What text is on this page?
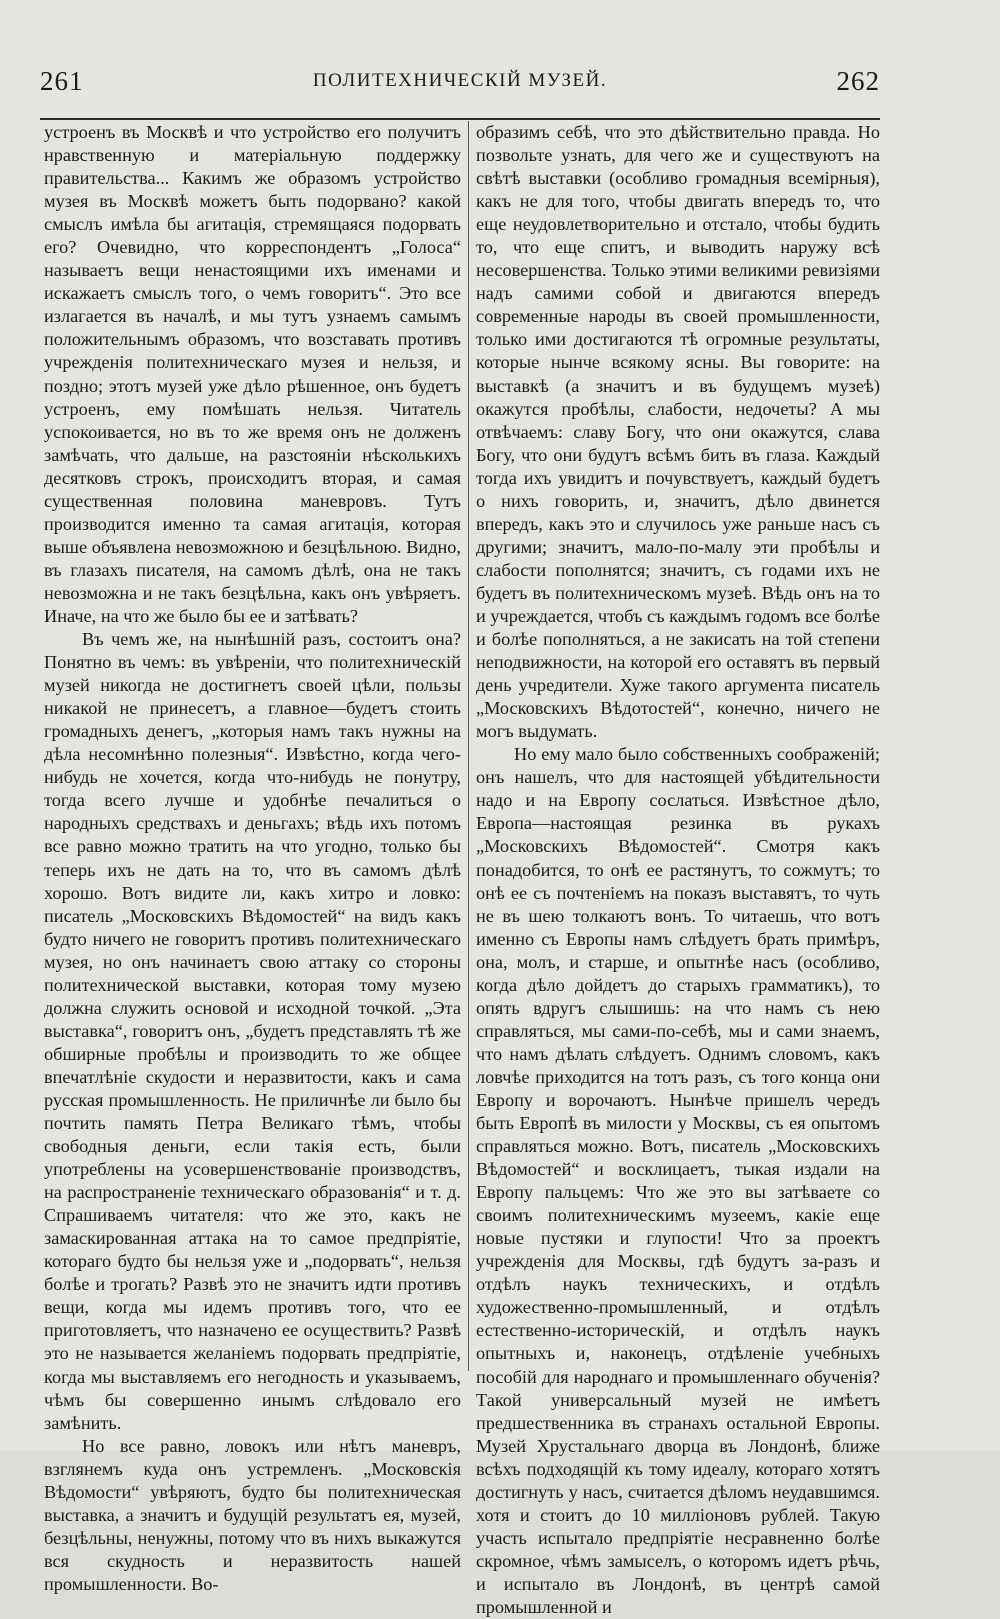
261	ПОЛИТЕХНИЧЕСКІЙ МУЗЕЙ.	262

устроенъ въ Москвѣ и что устройство его получитъ нравственную и матеріальную поддержку правительства... Какимъ же образомъ устройство музея въ Москвѣ можетъ быть подорвано? какой смыслъ имѣла бы агитація, стремящаяся подорвать его? Очевидно, что корреспондентъ „Голоса“ называетъ вещи ненастоящими ихъ именами и искажаетъ смыслъ того, о чемъ говоритъ“. Это все излагается въ началѣ, и мы тутъ узнаемъ самымъ положительнымъ образомъ, что возставать противъ учрежденія политехническаго музея и нельзя, и поздно; этотъ музей уже дѣло рѣшенное, онъ будетъ устроенъ, ему помѣшать нельзя. Читатель успокоивается, но въ то же время онъ не долженъ замѣчать, что дальше, на разстояніи нѣсколькихъ десятковъ строкъ, происходитъ вторая, и самая существенная половина маневровъ. Тутъ производится именно та самая агитація, которая выше объявлена невозможною и безцѣльною. Видно, въ глазахъ писателя, на самомъ дѣлѣ, она не такъ невозможна и не такъ безцѣльна, какъ онъ увѣряетъ. Иначе, на что же было бы ее и затѣвать?

Въ чемъ же, на нынѣшній разъ, состоитъ она? Понятно въ чемъ: въ увѣреніи, что политехническій музей никогда не достигнетъ своей цѣли, пользы никакой не принесетъ, а главное—будетъ стоить громадныхъ денегъ, „которыя намъ такъ нужны на дѣла несомнѣнно полезныя“. Извѣстно, когда чего-нибудь не хочется, когда что-нибудь не понутру, тогда всего лучше и удобнѣе печалиться о народныхъ средствахъ и деньгахъ; вѣдь ихъ потомъ все равно можно тратить на что угодно, только бы теперь ихъ не дать на то, что въ самомъ дѣлѣ хорошо. Вотъ видите ли, какъ хитро и ловко: писатель „Московскихъ Вѣдомостей“ на видъ какъ будто ничего не говоритъ противъ политехническаго музея, но онъ начинаетъ свою аттаку со стороны политехнической выставки, которая тому музею должна служить основой и исходной точкой. „Эта выставка“, говоритъ онъ, „будетъ представлять тѣ же обширные пробѣлы и производить то же общее впечатлѣніе скудости и неразвитости, какъ и сама русская промышленность. Не приличнѣе ли было бы почтить память Петра Великаго тѣмъ, чтобы свободныя деньги, если такія есть, были употреблены на усовершенствованіе производствъ, на распространеніе техническаго образованія“ и т. д. Спрашиваемъ читателя: что же это, какъ не замаскированная аттака на то самое предпріятіе, котораго будто бы нельзя уже и „подорвать“, нельзя болѣе и трогать? Развѣ это не значитъ идти противъ вещи, когда мы идемъ противъ того, что ее приготовляетъ, что назначено ее осуществить? Развѣ это не называется желаніемъ подорвать предпріятіе, когда мы выставляемъ его негодность и указываемъ, чѣмъ бы совершенно инымъ слѣдовало его замѣнить.

Но все равно, ловокъ или нѣтъ маневръ, взглянемъ куда онъ устремленъ. „Московскія Вѣдомости“ увѣряютъ, будто бы политехническая выставка, а значитъ и будущій результатъ ея, музей, безцѣльны, ненужны, потому что въ нихъ выкажутся вся скудность и неразвитость нашей промышленности. Во-

образимъ себѣ, что это дѣйствительно правда. Но позвольте узнать, для чего же и существуютъ на свѣтѣ выставки (особливо громадныя всемірныя), какъ не для того, чтобы двигать впередъ то, что еще неудовлетворительно и отстало, чтобы будить то, что еще спитъ, и выводить наружу всѣ несовершенства. Только этими великими ревизіями надъ самими собой и двигаются впередъ современные народы въ своей промышленности, только ими достигаются тѣ огромные результаты, которые нынче всякому ясны. Вы говорите: на выставкѣ (а значитъ и въ будущемъ музеѣ) окажутся пробѣлы, слабости, недочеты? А мы отвѣчаемъ: славу Богу, что они окажутся, слава Богу, что они будутъ всѣмъ бить въ глаза. Каждый тогда ихъ увидитъ и почувствуетъ, каждый будетъ о нихъ говорить, и, значитъ, дѣло двинется впередъ, какъ это и случилось уже раньше насъ съ другими; значитъ, мало-по-малу эти пробѣлы и слабости пополнятся; значитъ, съ годами ихъ не будетъ въ политехническомъ музеѣ. Вѣдь онъ на то и учреждается, чтобъ съ каждымъ годомъ все болѣе и болѣе пополняться, а не закисать на той степени неподвижности, на которой его оставятъ въ первый день учредители. Хуже такого аргумента писатель „Московскихъ Вѣдотостей“, конечно, ничего не могъ выдумать.

Но ему мало было собственныхъ соображеній; онъ нашелъ, что для настоящей убѣдительности надо и на Европу сослаться. Извѣстное дѣло, Европа—настоящая резинка въ рукахъ „Московскихъ Вѣдомостей“. Смотря какъ понадобится, то онѣ ее растянутъ, то сожмутъ; то онѣ ее съ почтеніемъ на показъ выставятъ, то чуть не въ шею толкаютъ вонъ. То читаешь, что вотъ именно съ Европы намъ слѣдуетъ брать примѣръ, она, молъ, и старше, и опытнѣе насъ (особливо, когда дѣло дойдетъ до старыхъ грамматикъ), то опять вдругъ слышишь: на что намъ съ нею справляться, мы сами-по-себѣ, мы и сами знаемъ, что намъ дѣлать слѣдуетъ. Однимъ словомъ, какъ ловчѣе приходится на тотъ разъ, съ того конца они Европу и ворочаютъ. Нынѣче пришелъ чередъ быть Европѣ въ милости у Москвы, съ ея опытомъ справляться можно. Вотъ, писатель „Московскихъ Вѣдомостей“ и восклицаетъ, тыкая издали на Европу пальцемъ: Что же это вы затѣваете со своимъ политехническимъ музеемъ, какіе еще новые пустяки и глупости! Что за проектъ учрежденія для Москвы, гдѣ будутъ за-разъ и отдѣлъ наукъ техническихъ, и отдѣлъ художественно-промышленный, и отдѣлъ естественно-историческій, и отдѣлъ наукъ опытныхъ и, наконецъ, отдѣленіе учебныхъ пособій для народнаго и промышленнаго обученія? Такой универсальный музей не имѣетъ предшественника въ странахъ остальной Европы. Музей Хрустальнаго дворца въ Лондонѣ, ближе всѣхъ подходящій къ тому идеалу, котораго хотятъ достигнуть у насъ, считается дѣломъ неудавшимся. хотя и стоитъ до 10 милліоновъ рублей. Такую участь испытало предпріятіе несравненно болѣе скромное, чѣмъ замыселъ, о которомъ идетъ рѣчь, и испытало въ Лондонѣ, въ центрѣ самой промышленной и
